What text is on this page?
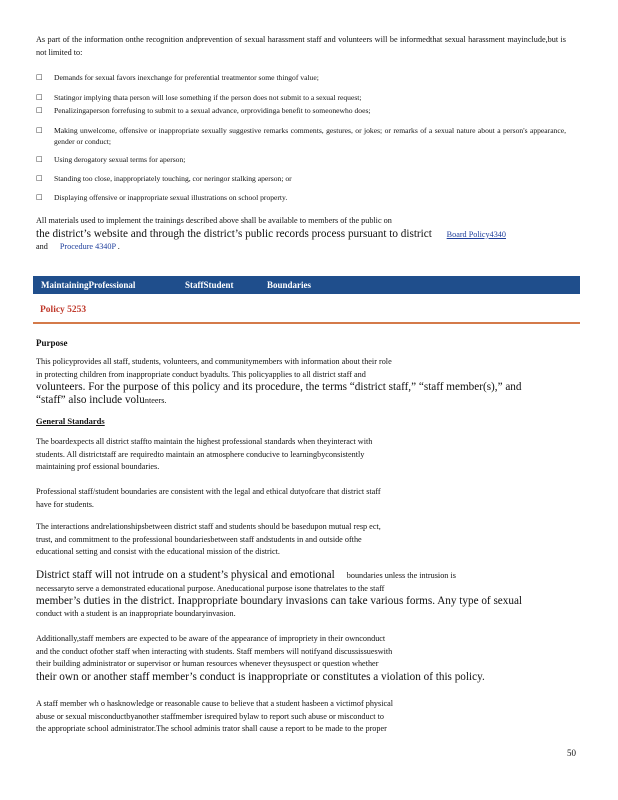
As part of the information onthe recognition andprevention of sexual harassment staff and volunteers will be informedthat sexual harassment mayinclude,but is not limited to:

□	Demands for sexual favors inexchange for preferential treatmentor some thingof value;
□	Statingor implying thata person will lose something if the person does not submit to a sexual request;
□	Penalizingaperson forrefusing to submit to a sexual advance, orprovidinga benefit to someonewho does;
□	Making unwelcome, offensive or inappropriate sexually suggestive remarks comments, gestures, or jokes; or remarks of a sexual nature about a person's appearance, gender or conduct;
□	Using derogatory sexual terms for aperson;
□	Standing too close, inappropriately touching, cor neringor stalking aperson; or
□	Displaying offensive or inappropriate sexual illustrations on school property.
All materials used to implement the trainings described above shall be available to members of the public on
the district’s website and through the district’s public records process pursuant to district Board Policy4340
and Procedure 4340P .
MaintainingProfessional	StaffStudent	Boundaries
Policy 5253
Purpose
This policyprovides all staff, students, volunteers, and communitymembers with information about their role
in protecting children from inappropriate conduct byadults. This policyapplies to all district staff and
volunteers. For the purpose of this policy and its procedure, the terms “district staff,” “staff member(s),” and
“staff” also include volunteers.
General Standards
The boardexpects all district staffto maintain the highest professional standards when theyinteract with
students. All districtstaff are requiredto maintain an atmosphere conducive to learningbyconsistently
maintaining prof essional boundaries.
Professional staff/student boundaries are consistent with the legal and ethical dutyofcare that district staff
have for students.
The interactions andrelationshipsbetween district staff and students should be basedupon mutual resp ect,
trust, and commitment to the professional boundariesbetween staff andstudents in and outside ofthe
educational setting and consist with the educational mission of the district.
District staff will not intrude on a student’s physical and emotional boundaries unless the intrusion is
necessaryto serve a demonstrated educational purpose. Aneducational purpose isone thatrelates to the staff
member’s duties in the district. Inappropriate boundary invasions can take various forms. Any type of sexual
conduct with a student is an inappropriate boundaryinvasion.
Additionally,staff members are expected to be aware of the appearance of impropriety in their ownconduct
and the conduct ofother staff when interacting with students. Staff members will notifyand discussissueswith
their building administrator or supervisor or human resources whenever theysuspect or question whether
their own or another staff member’s conduct is inappropriate or constitutes a violation of this policy.
A staff member wh o hasknowledge or reasonable cause to believe that a student hasbeen a victimof physical
abuse or sexual misconductbyanother staffmember isrequired bylaw to report such abuse or misconduct to
the appropriate school administrator.The school adminis trator shall cause a report to be made to the proper
50
